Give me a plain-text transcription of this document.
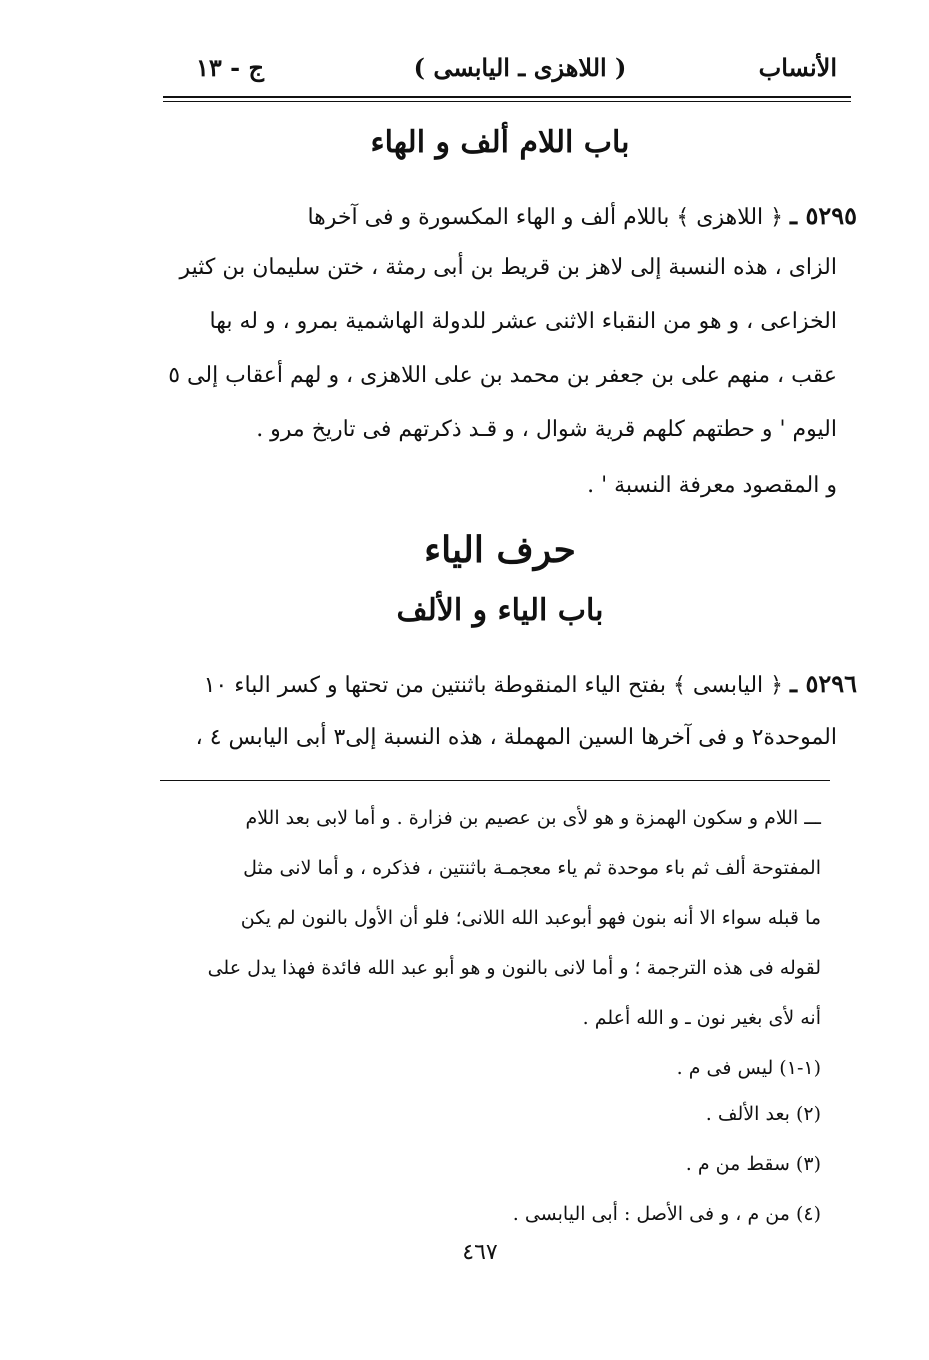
الأنساب
( اللاهزى ـ اليابسى )
ج - ١٣
باب اللام ألف و الهاء
٥٢٩٥ ـ ﴿ اللاهزى ﴾ باللام ألف و الهاء المكسورة و فى آخرها
الزاى ، هذه النسبة إلى لاهز بن قريط بن أبى رمثة ، ختن سليمان بن كثير
الخزاعى ، و هو من النقباء الاثنى عشر للدولة الهاشمية بمرو ، و له بها
عقب ، منهم على بن جعفر بن محمد بن على اللاهزى ، و لهم أعقاب إلى ٥
اليوم ' و حطتهم كلهم قرية شوال ، و قـد ذكرتهم فى تاريخ مرو .
و المقصود معرفة النسبة ' .
حرف الياء
باب الياء و الألف
٥٢٩٦ ـ ﴿ اليابسى ﴾ بفتح الياء المنقوطة باثنتين من تحتها و كسر الباء ١٠
الموحدة٢ و فى آخرها السين المهملة ، هذه النسبة إلى٣ أبى اليابس ٤ ،
ـــ اللام و سكون الهمزة و هو لأى بن عصيم بن فزارة . و أما لابى بعد اللام
المفتوحة ألف ثم باء موحدة ثم ياء معجمـة باثنتين ، فذكره ، و أما لانى مثل
ما قبله سواء الا أنه بنون فهو أبوعبد الله اللانى؛ فلو أن الأول بالنون لم يكن
لقوله فى هذه الترجمة ؛ و أما لانى بالنون و هو أبو عبد الله فائدة فهذا يدل على
أنه لأى بغير نون ـ و الله أعلم .
(١-١) ليس فى م .
(٢) بعد الألف .
(٣) سقط من م .
(٤) من م ، و فى الأصل : أبى اليابسى .
٤٦٧
